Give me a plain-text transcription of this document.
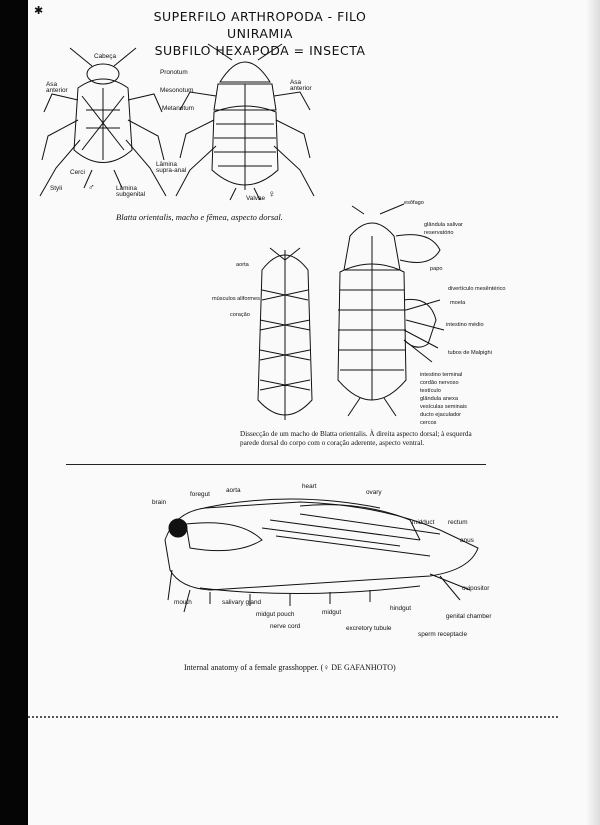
✱	SUPERFILO ARTHROPODA - FILO UNIRAMIA
SUBFILO HEXAPODA = INSECTA
Cabeça
Asa anterior
Pronotum
Mesonotum
Metanotum
Asa anterior
Lâmina supra-anal
Cerci
Styli	♂	Lâmina subgenital
Valvae ♀
Blatta orientalis, macho e fêmea, aspecto dorsal.
aorta
músculos aliformes
coração
esôfago
glândula salivar
reservatório
papo
divertículo mesêntérico
moela
intestino médio
tubos de Malpighi
intestino terminal
cordão nervoso
testículo
glândula anexa
vesículas seminais
ducto ejaculador
cercos
Dissecção de um macho de Blatta orientalis. À direita aspecto dorsal; à esquerda
parede dorsal do corpo com o coração aderente, aspecto ventral.
brain
foregut
aorta
heart
ovary
midduct rectum
anus
mouth	salivary gland
midgut pouch
nerve cord
midgut
excretory tubule
hindgut
ovipositor
genital chamber
sperm receptacle
Internal anatomy of a female grasshopper. (♀ DE GAFANHOTO)
